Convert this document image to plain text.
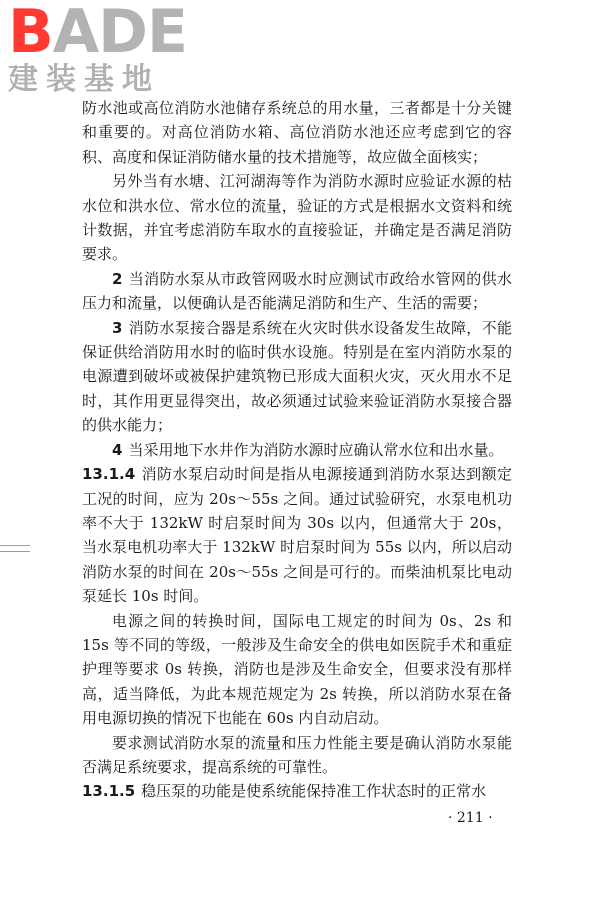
BADE
建装基地

防水池或高位消防水池储存系统总的用水量，三者都是十分关键和重要的。对高位消防水箱、高位消防水池还应考虑到它的容积、高度和保证消防储水量的技术措施等，故应做全面核实；

另外当有水塘、江河湖海等作为消防水源时应验证水源的枯水位和洪水位、常水位的流量，验证的方式是根据水文资料和统计数据，并宜考虑消防车取水的直接验证，并确定是否满足消防要求。

2 当消防水泵从市政管网吸水时应测试市政给水管网的供水压力和流量，以便确认是否能满足消防和生产、生活的需要；

3 消防水泵接合器是系统在火灾时供水设备发生故障，不能保证供给消防用水时的临时供水设施。特别是在室内消防水泵的电源遭到破坏或被保护建筑物已形成大面积火灾，灭火用水不足时，其作用更显得突出，故必须通过试验来验证消防水泵接合器的供水能力；

4 当采用地下水井作为消防水源时应确认常水位和出水量。

13.1.4 消防水泵启动时间是指从电源接通到消防水泵达到额定工况的时间，应为 20s～55s 之间。通过试验研究，水泵电机功率不大于 132kW 时启泵时间为 30s 以内，但通常大于 20s，当水泵电机功率大于 132kW 时启泵时间为 55s 以内，所以启动消防水泵的时间在 20s～55s 之间是可行的。而柴油机泵比电动泵延长 10s 时间。

电源之间的转换时间，国际电工规定的时间为 0s、2s 和 15s 等不同的等级，一般涉及生命安全的供电如医院手术和重症护理等要求 0s 转换，消防也是涉及生命安全，但要求没有那样高，适当降低，为此本规范规定为 2s 转换，所以消防水泵在备用电源切换的情况下也能在 60s 内自动启动。

要求测试消防水泵的流量和压力性能主要是确认消防水泵能否满足系统要求，提高系统的可靠性。

13.1.5 稳压泵的功能是使系统能保持准工作状态时的正常水

· 211 ·
